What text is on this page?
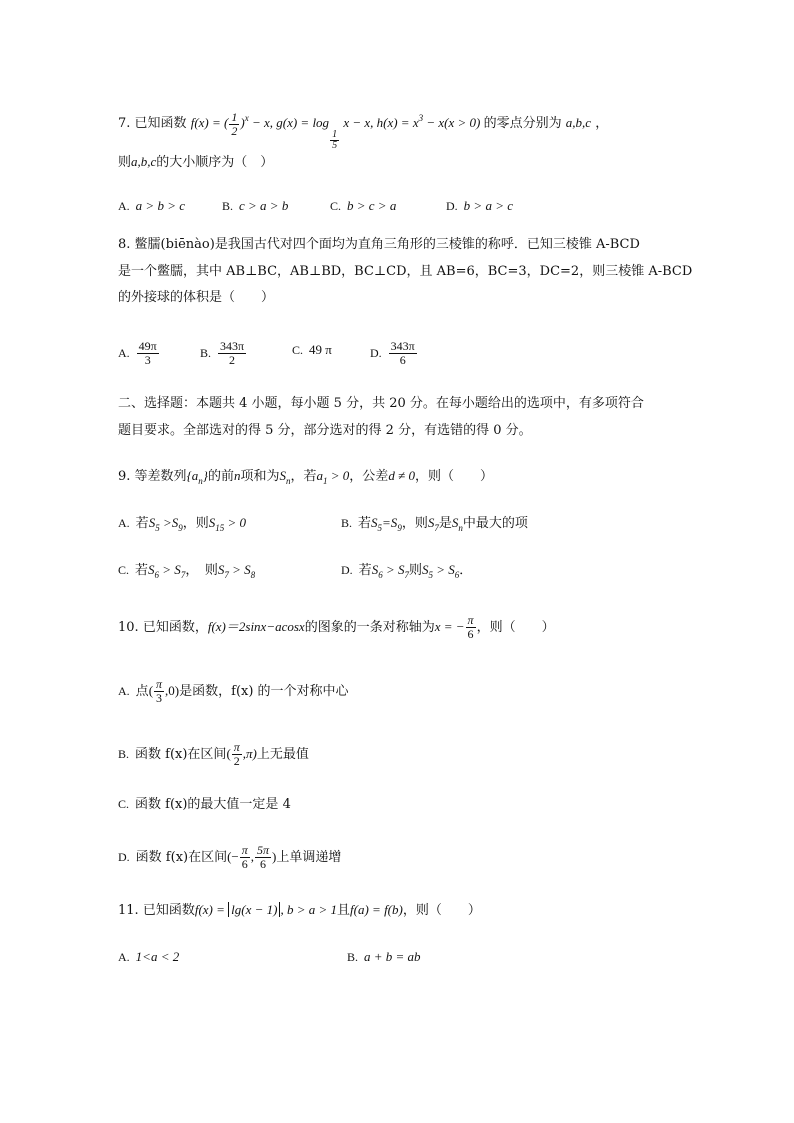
7. 已知函数 f(x) = ( $\frac{1}{2} )^x - x$, g(x) = log
$\frac{1}{5}$
x − x, $h(x) = x^3 - x(x > 0)$ 的零点分别为 a,b,c ，
则a,b,c的大小顺序为（　）
A. a > b > c	B. c > a > b	C. b > c > a	D. b > a > c
8. 鳖臑(biēnào)是我国古代对四个面均为直角三角形的三棱锥的称呼．已知三棱锥 A-BCD
是一个鳖臑，其中 AB⊥BC，AB⊥BD，BC⊥CD，且 AB=6，BC=3，DC=2，则三棱锥 A-BCD
的外接球的体积是（　　）
A. $\frac{49\pi}{3}$	B. $\frac{343\pi}{2}$	C. 49 π	D. $\frac{343\pi}{6}$
二、选择题：本题共 4 小题，每小题 5 分，共 20 分。在每小题给出的选项中，有多项符合
题目要求。全部选对的得 5 分，部分选对的得 2 分，有选错的得 0 分。
9. 等差数列$\{a_n\}$的前n项和为$S_n$，若$a_1 > 0$，公差d ≠ 0，则（　　）
A. 若$S_5 >S_9$，则$S_{15} > 0$	B. 若$S_5=S_9$，则$S_7$是$S_n$中最大的项
C. 若$S_6 > S_7$，　则$S_7 > S_8$	D. 若$S_6 > S_7$则$S_5 > S_6$．
10. 已知函数，f(x)＝2sinx−acosx的图象的一条对称轴为x = − $\frac{\pi}{6}$ ，则（　　）
A. 点( $\frac{\pi}{3} ,0$)是函数，f(x) 的一个对称中心
B. 函数 f(x)在区间( $\frac{\pi}{2} ,\pi$)上无最值
C. 函数 f(x)的最大值一定是 4
D. 函数 f(x)在区间(− $\frac{\pi}{6}$ , $\frac{5\pi}{6}$ )上单调递增
11. 已知函数f(x) = lg(x − 1) , b > a > 1且f(a) = f(b)，则（　　）
A. 1<a < 2	B. a + b = ab
